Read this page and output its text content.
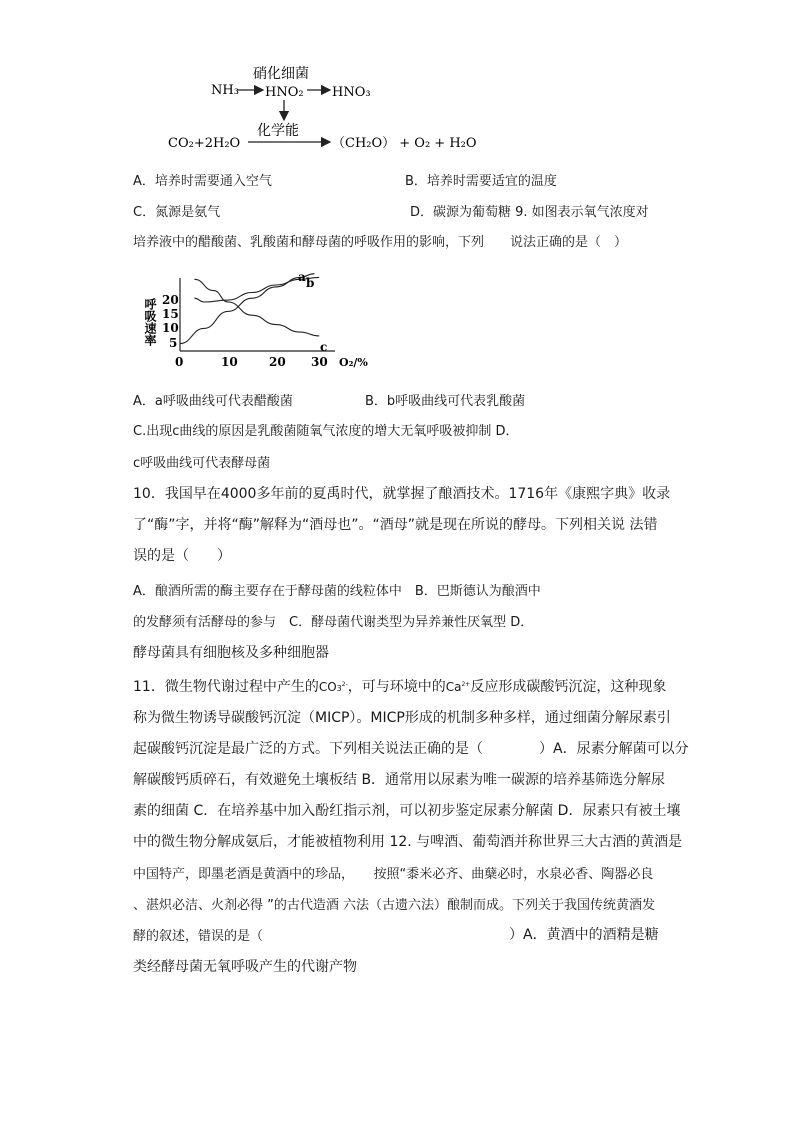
硝化细菌
NH₃ HNO₂ HNO₃
化学能
CO₂+2H₂O	（CH₂O） + O₂ + H₂O
A．培养时需要通入空气	B．培养时需要适宜的温度
C．氮源是氨气	D．碳源为葡萄糖 9. 如图表示氧气浓度对
培养液中的醋酸菌、乳酸菌和酵母菌的呼吸作用的影响，下列　　说法正确的是（　）
呼吸速率
O₂/%
20
15
10
5
0	10	20 30
a b
c
A．a呼吸曲线可代表醋酸菌	B．b呼吸曲线可代表乳酸菌
C.出现c曲线的原因是乳酸菌随氧气浓度的增大无氧呼吸被抑制 D．
c呼吸曲线可代表酵母菌
10．我国早在4000多年前的夏禹时代，就掌握了酿酒技术。1716年《康熙字典》收录
了“酶”字，并将“酶”解释为“酒母也”。“酒母”就是现在所说的酵母。下列相关说 法错
误的是（　　）
A．酿酒所需的酶主要存在于酵母菌的线粒体中　B．巴斯德认为酿酒中
的发酵须有活酵母的参与　C．酵母菌代谢类型为异养兼性厌氧型 D．
酵母菌具有细胞核及多种细胞器
11．微生物代谢过程中产生的$CO3^{2-}$，可与环境中的$Ca^{2+}$反应形成碳酸钙沉淀，这种现象
称为微生物诱导碳酸钙沉淀（MICP）。MICP形成的机制多种多样，通过细菌分解尿素引
起碳酸钙沉淀是最广泛的方式。下列相关说法正确的是（　　　　）A．尿素分解菌可以分
解碳酸钙质碎石，有效避免土壤板结 B．通常用以尿素为唯一碳源的培养基筛选分解尿
素的细菌 C．在培养基中加入酚红指示剂，可以初步鉴定尿素分解菌 D．尿素只有被土壤
中的微生物分解成氨后，才能被植物利用 12. 与啤酒、葡萄酒并称世界三大古酒的黄酒是
中国特产，即墨老酒是黄酒中的珍品，　　按照“黍米必齐、曲蘖必时，水泉必香、陶器必良
、湛炽必洁、火剂必得 ”的古代造酒 六法（古遗六法）酿制而成。下列关于我国传统黄酒发
酵的叙述，错误的是（	）A．黄酒中的酒精是糖
类经酵母菌无氧呼吸产生的代谢产物
